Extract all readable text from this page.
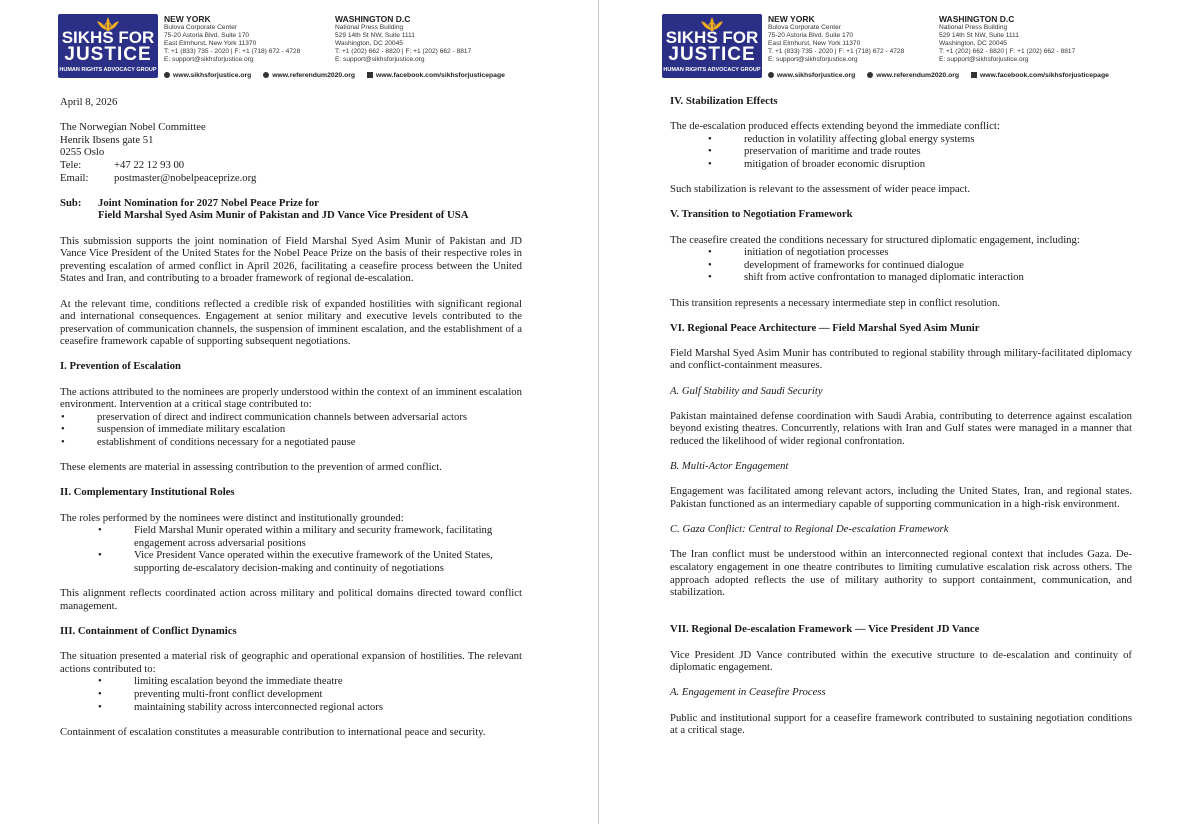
SIKHS FOR
JUSTICE
HUMAN RIGHTS ADVOCACY GROUP
NEW YORK
Bulova Corporate Center
75-20 Astoria Blvd. Suite 170
East Elmhurst, New York 11370
T: +1 (833) 735 - 2020 | F: +1 (718) 672 - 4728
E: support@sikhsforjustice.org
WASHINGTON D.C
National Press Building
529 14th St NW, Suite 1111
Washington, DC 20045
T: +1 (202) 662 - 8820 | F: +1 (202) 662 - 8817
E: support@sikhsforjustice.org
www.sikhsforjustice.org	www.referendum2020.org	www.facebook.com/sikhsforjusticepage
April 8, 2026
The Norwegian Nobel Committee
Henrik Ibsens gate 51
0255 Oslo
Tele:	+47 22 12 93 00
Email: postmaster@nobelpeaceprize.org
Sub:	Joint Nomination for 2027 Nobel Peace Prize for
Field Marshal Syed Asim Munir of Pakistan and JD Vance Vice President of USA

This submission supports the joint nomination of Field Marshal Syed Asim Munir of Pakistan and JD Vance Vice President of the United States for the Nobel Peace Prize on the basis of their respective roles in preventing escalation of armed conflict in April 2026, facilitating a ceasefire process between the United States and Iran, and contributing to a broader framework of regional de-escalation.

At the relevant time, conditions reflected a credible risk of expanded hostilities with significant regional and international consequences. Engagement at senior military and executive levels contributed to the preservation of communication channels, the suspension of imminent escalation, and the establishment of a ceasefire framework capable of supporting subsequent negotiations.

I. Prevention of Escalation

The actions attributed to the nominees are properly understood within the context of an imminent escalation environment. Intervention at a critical stage contributed to:

• preservation of direct and indirect communication channels between adversarial actors
• suspension of immediate military escalation
• establishment of conditions necessary for a negotiated pause

These elements are material in assessing contribution to the prevention of armed conflict.

II. Complementary Institutional Roles

The roles performed by the nominees were distinct and institutionally grounded:

• Field Marshal Munir operated within a military and security framework, facilitating engagement across adversarial positions
• Vice President Vance operated within the executive framework of the United States, supporting de-escalatory decision-making and continuity of negotiations

This alignment reflects coordinated action across military and political domains directed toward conflict management.

III. Containment of Conflict Dynamics

The situation presented a material risk of geographic and operational expansion of hostilities. The relevant actions contributed to:

• limiting escalation beyond the immediate theatre
• preventing multi-front conflict development
• maintaining stability across interconnected regional actors

Containment of escalation constitutes a measurable contribution to international peace and security.

SIKHS FOR
JUSTICE
HUMAN RIGHTS ADVOCACY GROUP
NEW YORK
Bulova Corporate Center
75-20 Astoria Blvd. Suite 170
East Elmhurst, New York 11370
T: +1 (833) 735 - 2020 | F: +1 (718) 672 - 4728
E: support@sikhsforjustice.org
WASHINGTON D.C
National Press Building
529 14th St NW, Suite 1111
Washington, DC 20045
T: +1 (202) 662 - 8820 | F: +1 (202) 662 - 8817
E: support@sikhsforjustice.org
www.sikhsforjustice.org	www.referendum2020.org	www.facebook.com/sikhsforjusticepage
IV. Stabilization Effects

The de-escalation produced effects extending beyond the immediate conflict:

• reduction in volatility affecting global energy systems
• preservation of maritime and trade routes
• mitigation of broader economic disruption

Such stabilization is relevant to the assessment of wider peace impact.

V. Transition to Negotiation Framework

The ceasefire created the conditions necessary for structured diplomatic engagement, including:

• initiation of negotiation processes
• development of frameworks for continued dialogue
• shift from active confrontation to managed diplomatic interaction

This transition represents a necessary intermediate step in conflict resolution.

VI. Regional Peace Architecture — Field Marshal Syed Asim Munir

Field Marshal Syed Asim Munir has contributed to regional stability through military-facilitated diplomacy and conflict-containment measures.

A. Gulf Stability and Saudi Security

Pakistan maintained defense coordination with Saudi Arabia, contributing to deterrence against escalation beyond existing theatres. Concurrently, relations with Iran and Gulf states were managed in a manner that reduced the likelihood of wider regional confrontation.

B. Multi-Actor Engagement

Engagement was facilitated among relevant actors, including the United States, Iran, and regional states. Pakistan functioned as an intermediary capable of supporting communication in a high-risk environment.

C. Gaza Conflict: Central to Regional De-escalation Framework

The Iran conflict must be understood within an interconnected regional context that includes Gaza. De-escalatory engagement in one theatre contributes to limiting cumulative escalation risk across others. The approach adopted reflects the use of military authority to support containment, communication, and stabilization.

VII. Regional De-escalation Framework — Vice President JD Vance

Vice President JD Vance contributed within the executive structure to de-escalation and continuity of diplomatic engagement.

A. Engagement in Ceasefire Process

Public and institutional support for a ceasefire framework contributed to sustaining negotiation conditions at a critical stage.
